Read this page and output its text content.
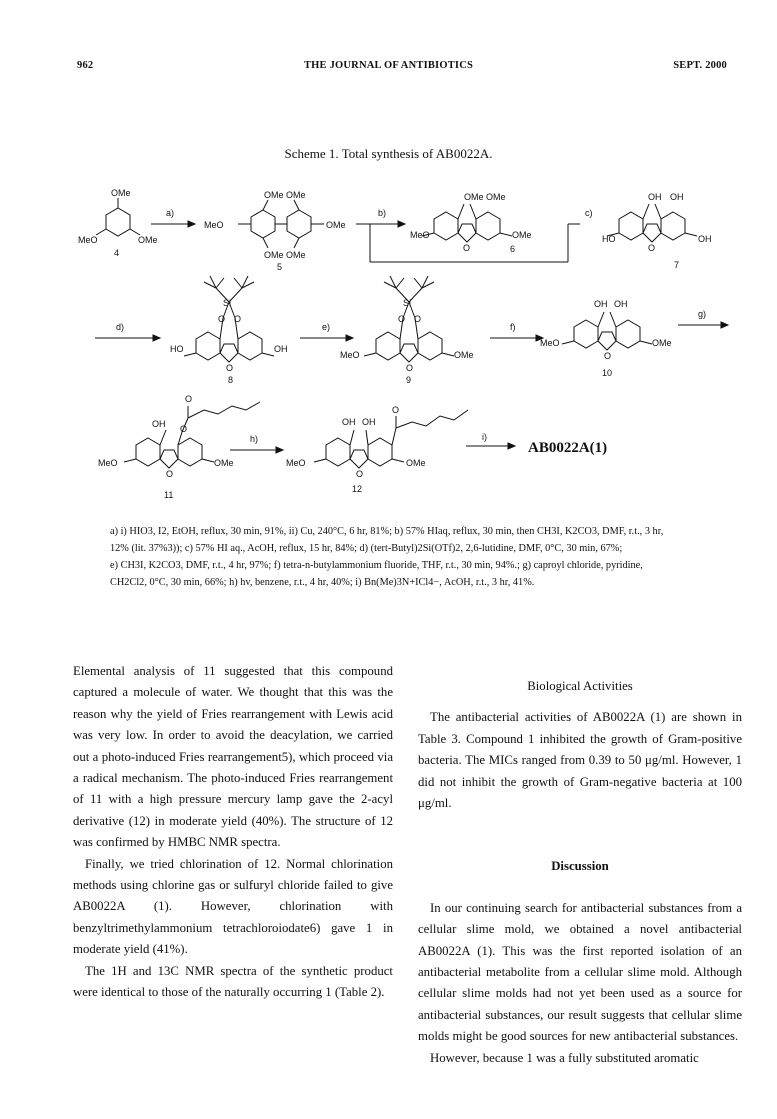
962	THE JOURNAL OF ANTIBIOTICS	SEPT. 2000
Scheme 1. Total synthesis of AB0022A.
OMe
MeO	OMe
4
a)
MeO
OMe OMe
OMe
OMe OMe
5
b)
OMe OMe
MeO	OMe
O	6
c)
OH OH
HO	OH
O
7
d)
Si
O O
HO	OH
O
8
e)
Si
O O
MeO	OMe
O
9
f)
OH OH
MeO	OMe
O
10
g)
O
O
OH
MeO	OMe
O
11
h)
OH OH
O
MeO	OMe
O
12
i)
AB0022A(1)

a) i) HIO3, I2, EtOH, reflux, 30 min, 91%, ii) Cu, 240°C, 6 hr, 81%; b) 57% HIaq, reflux, 30 min, then CH3I, K2CO3, DMF, r.t., 3 hr,

12% (lit. 37%3)); c) 57% HI aq., AcOH, reflux, 15 hr, 84%; d) (tert-Butyl)2Si(OTf)2, 2,6-lutidine, DMF, 0°C, 30 min, 67%;

e) CH3I, K2CO3, DMF, r.t., 4 hr, 97%; f) tetra-n-butylammonium fluoride, THF, r.t., 30 min, 94%.; g) caproyl chloride, pyridine,

CH2Cl2, 0°C, 30 min, 66%; h) hv, benzene, r.t., 4 hr, 40%; i) Bn(Me)3N+ICl4−, AcOH, r.t., 3 hr, 41%.

Elemental analysis of 11 suggested that this compound captured a molecule of water. We thought that this was the reason why the yield of Fries rearrangement with Lewis acid was very low. In order to avoid the deacylation, we carried out a photo-induced Fries rearrangement5), which proceed via a radical mechanism. The photo-induced Fries rearrangement of 11 with a high pressure mercury lamp gave the 2-acyl derivative (12) in moderate yield (40%). The structure of 12 was confirmed by HMBC NMR spectra.

Finally, we tried chlorination of 12. Normal chlorination methods using chlorine gas or sulfuryl chloride failed to give AB0022A (1). However, chlorination with benzyltrimethylammonium tetrachloroiodate6) gave 1 in moderate yield (41%).

The 1H and 13C NMR spectra of the synthetic product were identical to those of the naturally occurring 1 (Table 2).

Biological Activities

The antibacterial activities of AB0022A (1) are shown in Table 3. Compound 1 inhibited the growth of Gram-positive bacteria. The MICs ranged from 0.39 to 50 μg/ml. However, 1 did not inhibit the growth of Gram-negative bacteria at 100 μg/ml.

Discussion

In our continuing search for antibacterial substances from a cellular slime mold, we obtained a novel antibacterial AB0022A (1). This was the first reported isolation of an antibacterial metabolite from a cellular slime mold. Although cellular slime molds had not yet been used as a source for antibacterial substances, our result suggests that cellular slime molds might be good sources for new antibacterial substances.

However, because 1 was a fully substituted aromatic
